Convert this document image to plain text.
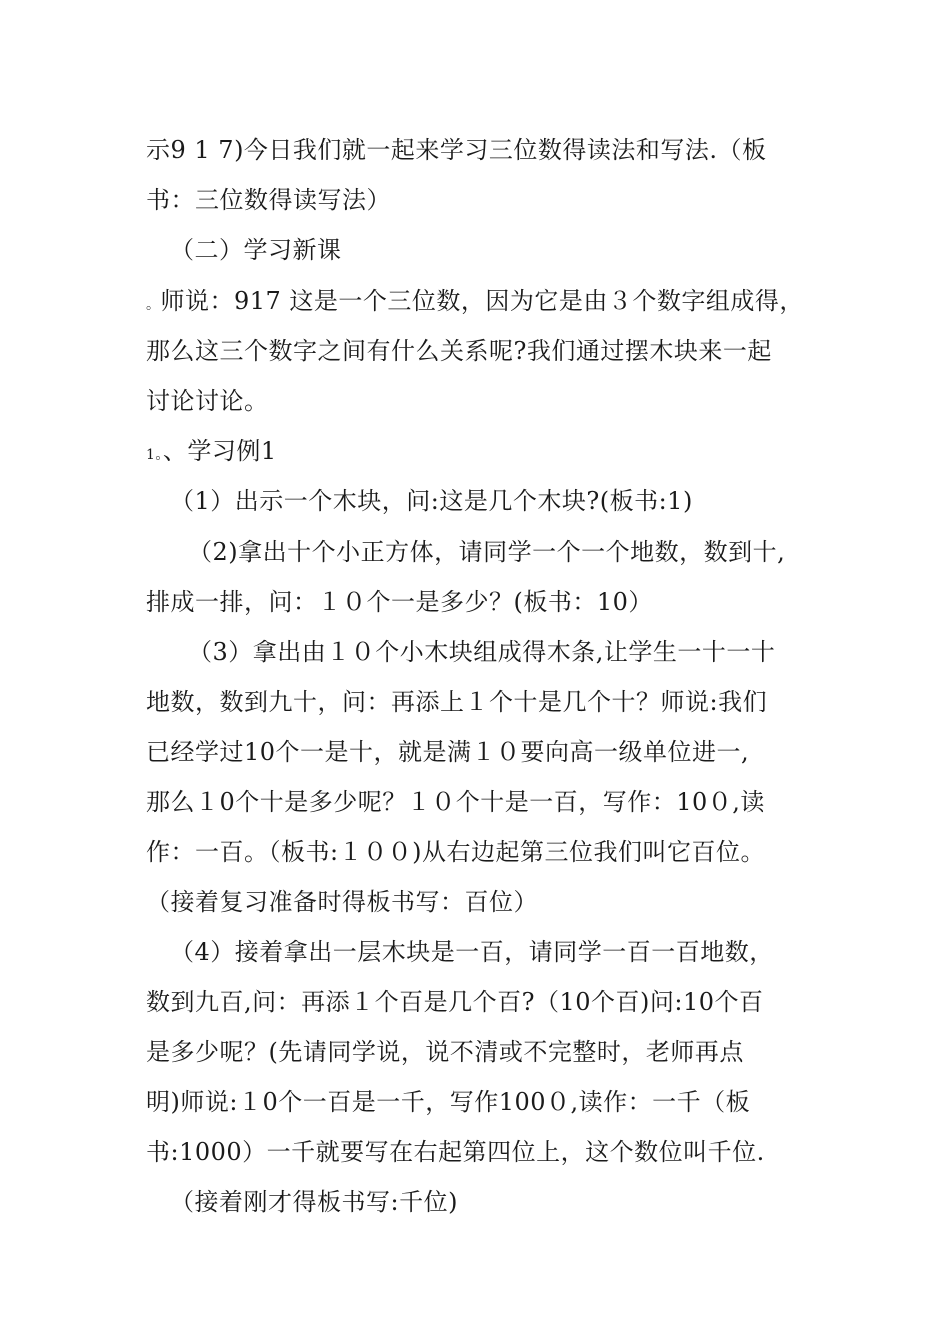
示9 1 7)今日我们就一起来学习三位数得读法和写法.（板
书：三位数得读写法）
（二）学习新课
。师说：917 这是一个三位数，因为它是由３个数字组成得，
那么这三个数字之间有什么关系呢?我们通过摆木块来一起
讨论讨论。
1。、学习例1
（1）出示一个木块，问:这是几个木块?(板书:1)
（2)拿出十个小正方体，请同学一个一个地数，数到十,
排成一排，问：１０个一是多少？(板书：10）
（3）拿出由１０个小木块组成得木条,让学生一十一十
地数，数到九十，问：再添上１个十是几个十？师说:我们
已经学过10个一是十，就是满１０要向高一级单位进一,
那么１0个十是多少呢？１０个十是一百，写作：10０,读
作：一百。（板书:１００)从右边起第三位我们叫它百位。
（接着复习准备时得板书写：百位）
（4）接着拿出一层木块是一百，请同学一百一百地数，
数到九百,问：再添１个百是几个百?（10个百)问:10个百
是多少呢？(先请同学说，说不清或不完整时，老师再点
明)师说:１0个一百是一千，写作100０,读作：一千（板
书:1000）一千就要写在右起第四位上，这个数位叫千位.
（接着刚才得板书写:千位)
